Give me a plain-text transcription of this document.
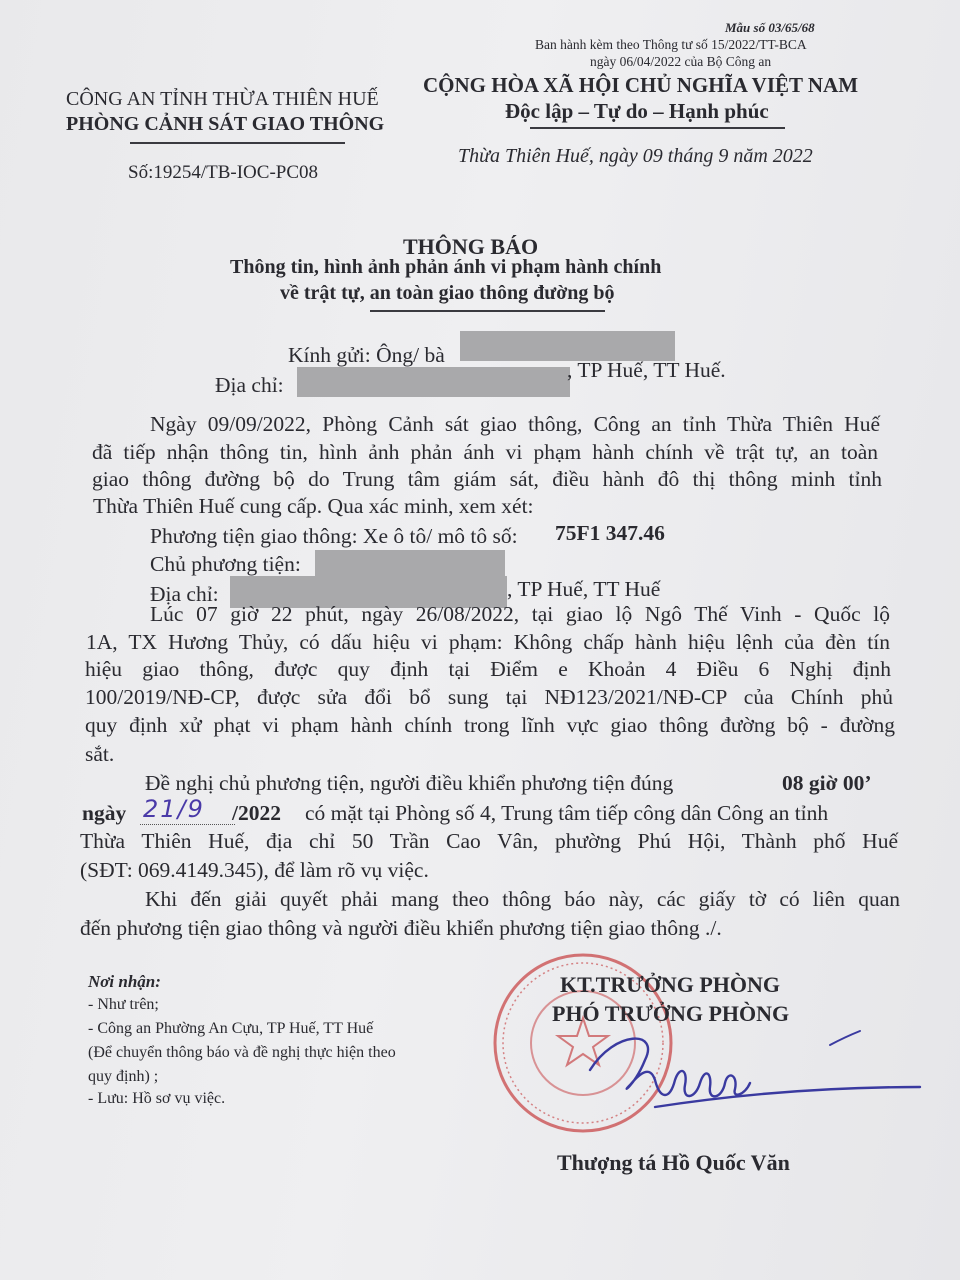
Mẫu số 03/65/68
Ban hành kèm theo Thông tư số 15/2022/TT-BCA
ngày 06/04/2022 của Bộ Công an
CÔNG AN TỈNH THỪA THIÊN HUẾ
PHÒNG CẢNH SÁT GIAO THÔNG
Số:19254/TB-IOC-PC08
CỘNG HÒA XÃ HỘI CHỦ NGHĨA VIỆT NAM
Độc lập – Tự do – Hạnh phúc
Thừa Thiên Huế, ngày 09 tháng 9 năm 2022
THÔNG BÁO
Thông tin, hình ảnh phản ánh vi phạm hành chính
về trật tự, an toàn giao thông đường bộ
Kính gửi: Ông/ bà
Địa chỉ:
, TP Huế, TT Huế.
Ngày 09/09/2022, Phòng Cảnh sát giao thông, Công an tỉnh Thừa Thiên Huế
đã tiếp nhận thông tin, hình ảnh phản ánh vi phạm hành chính về trật tự, an toàn
giao thông đường bộ do Trung tâm giám sát, điều hành đô thị thông minh tỉnh
Thừa Thiên Huế cung cấp. Qua xác minh, xem xét:
Phương tiện giao thông: Xe ô tô/ mô tô số: 75F1 347.46
Chủ phương tiện:
Địa chỉ:	, TP Huế, TT Huế
Lúc 07 giờ 22 phút, ngày 26/08/2022, tại giao lộ Ngô Thế Vinh - Quốc lộ
1A, TX Hương Thủy, có dấu hiệu vi phạm: Không chấp hành hiệu lệnh của đèn tín
hiệu giao thông, được quy định tại Điểm e Khoản 4 Điều 6 Nghị định
100/2019/NĐ-CP, được sửa đổi bổ sung tại NĐ123/2021/NĐ-CP của Chính phủ
quy định xử phạt vi phạm hành chính trong lĩnh vực giao thông đường bộ - đường
sắt.
Đề nghị chủ phương tiện, người điều khiển phương tiện đúng	08 giờ 00’
ngày 21/9 /2022 có mặt tại Phòng số 4, Trung tâm tiếp công dân Công an tỉnh
Thừa Thiên Huế, địa chỉ 50 Trần Cao Vân, phường Phú Hội, Thành phố Huế
(SĐT: 069.4149.345), để làm rõ vụ việc.
Khi đến giải quyết phải mang theo thông báo này, các giấy tờ có liên quan
đến phương tiện giao thông và người điều khiển phương tiện giao thông ./.
Nơi nhận:
- Như trên;
- Công an Phường An Cựu, TP Huế, TT Huế
(Để chuyển thông báo và đề nghị thực hiện theo
quy định) ;
- Lưu: Hồ sơ vụ việc.
KT.TRƯỞNG PHÒNG
PHÓ TRƯỞNG PHÒNG
Thượng tá Hồ Quốc Văn
